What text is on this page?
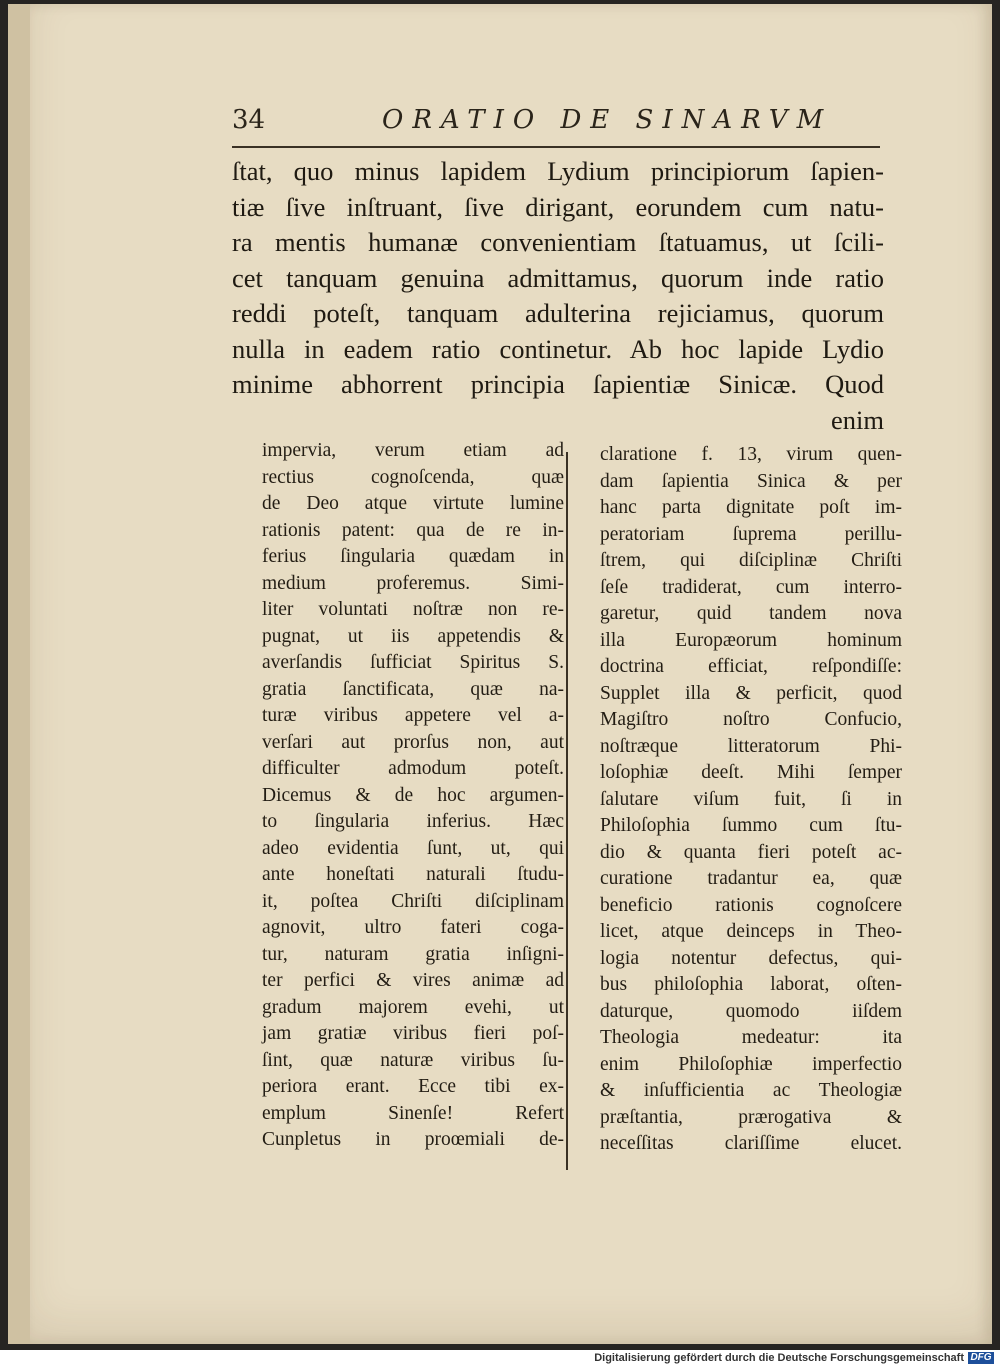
34	ORATIO DE SINARVM
ſtat, quo minus lapidem Lydium principiorum ſapien-
tiæ ſive inſtruant, ſive dirigant, eorundem cum natu-
ra mentis humanæ convenientiam ſtatuamus, ut ſcili-
cet tanquam genuina admittamus, quorum inde ratio
reddi poteſt, tanquam adulterina rejiciamus, quorum
nulla in eadem ratio continetur. Ab hoc lapide Lydio
minime abhorrent principia ſapientiæ Sinicæ. Quod
enim
impervia, verum etiam ad
rectius cognoſcenda, quæ
de Deo atque virtute lumine
rationis patent: qua de re in-
ferius ſingularia quædam in
medium proferemus. Simi-
liter voluntati noſtræ non re-
pugnat, ut iis appetendis &
averſandis ſufficiat Spiritus S.
gratia ſanctificata, quæ na-
turæ viribus appetere vel a-
verſari aut prorſus non, aut
difficulter admodum poteſt.
Dicemus & de hoc argumen-
to ſingularia inferius. Hæc
adeo evidentia ſunt, ut, qui
ante honeſtati naturali ſtudu-
it, poſtea Chriſti diſciplinam
agnovit, ultro fateri coga-
tur, naturam gratia inſigni-
ter perfici & vires animæ ad
gradum majorem evehi, ut
jam gratiæ viribus fieri poſ-
ſint, quæ naturæ viribus ſu-
periora erant. Ecce tibi ex-
emplum Sinenſe! Refert
Cunpletus in proœmiali de-
claratione f. 13, virum quen-
dam ſapientia Sinica & per
hanc parta dignitate poſt im-
peratoriam ſuprema perillu-
ſtrem, qui diſciplinæ Chriſti
ſeſe tradiderat, cum interro-
garetur, quid tandem nova
illa Europæorum hominum
doctrina efficiat, reſpondiſſe:
Supplet illa & perficit, quod
Magiſtro noſtro Confucio,
noſtræque litteratorum Phi-
loſophiæ deeſt. Mihi ſemper
ſalutare viſum fuit, ſi in
Philoſophia ſummo cum ſtu-
dio & quanta fieri poteſt ac-
curatione tradantur ea, quæ
beneficio rationis cognoſcere
licet, atque deinceps in Theo-
logia notentur defectus, qui-
bus philoſophia laborat, oſten-
daturque, quomodo iiſdem
Theologia medeatur: ita
enim Philoſophiæ imperfectio
& inſufficientia ac Theologiæ
præſtantia, prærogativa &
neceſſitas clariſſime elucet.
Digitalisierung gefördert durch die Deutsche Forschungsgemeinschaft DFG
